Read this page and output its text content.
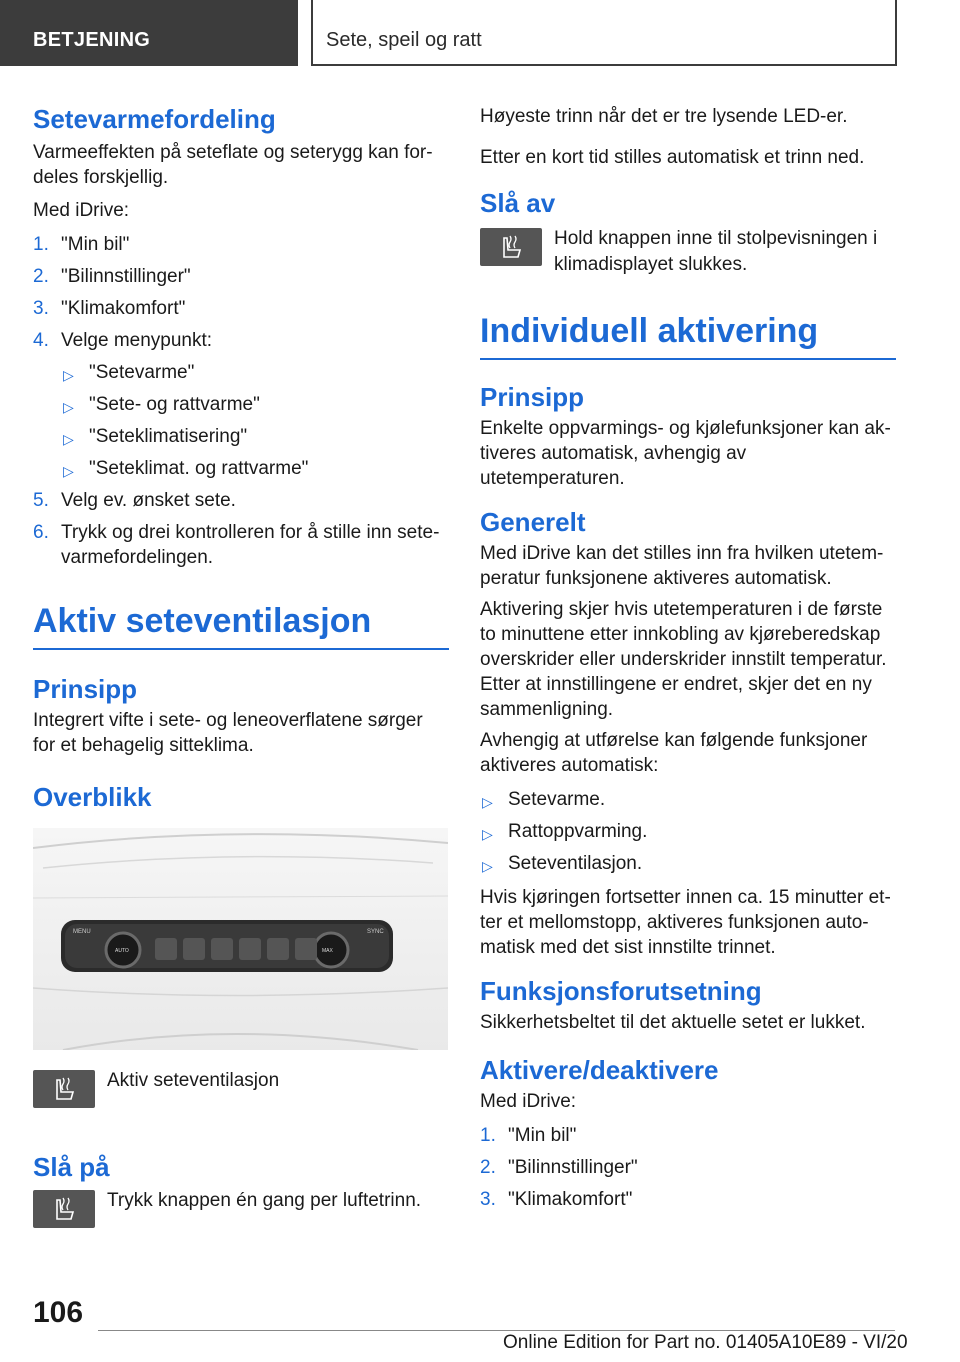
BETJENING	Sete, speil og ratt
Setevarmefordeling

Varmeeffekten på seteflate og seterygg kan for-
deles forskjellig.

Med iDrive:

1. "Min bil"
2. "Bilinnstillinger"
3. "Klimakomfort"
4. Velge menypunkt:
▷ "Setevarme"
▷ "Sete- og rattvarme"
▷ "Seteklimatisering"
▷ "Seteklimat. og rattvarme"
5. Velg ev. ønsket sete.
6. Trykk og drei kontrolleren for å stille inn sete-
varmefordelingen.
Aktiv seteventilasjon
Prinsipp

Integrert vifte i sete- og leneoverflatene sørger
for et behagelig sitteklima.

Overblikk
MENU
AUTO
SYNC
MAX
Aktiv seteventilasjon
Slå på
Trykk knappen én gang per luftetrinn.

Høyeste trinn når det er tre lysende LED-er.

Etter en kort tid stilles automatisk et trinn ned.

Slå av
Hold knappen inne til stolpevisningen i
klimadisplayet slukkes.
Individuell aktivering
Prinsipp

Enkelte oppvarmings- og kjølefunksjoner kan ak-
tiveres automatisk, avhengig av utetemperaturen.

Generelt

Med iDrive kan det stilles inn fra hvilken utetem-
peratur funksjonene aktiveres automatisk.

Aktivering skjer hvis utetemperaturen i de første
to minuttene etter innkobling av kjøreberedskap
overskrider eller underskrider innstilt temperatur.
Etter at innstillingene er endret, skjer det en ny
sammenligning.

Avhengig at utførelse kan følgende funksjoner
aktiveres automatisk:

▷ Setevarme.
▷ Rattoppvarming.
▷ Seteventilasjon.

Hvis kjøringen fortsetter innen ca. 15 minutter et-
ter et mellomstopp, aktiveres funksjonen auto-
matisk med det sist innstilte trinnet.

Funksjonsforutsetning

Sikkerhetsbeltet til det aktuelle setet er lukket.

Aktivere/deaktivere

Med iDrive:

1. "Min bil"
2. "Bilinnstillinger"
3. "Klimakomfort"
106
Online Edition for Part no. 01405A10E89 - VI/20
